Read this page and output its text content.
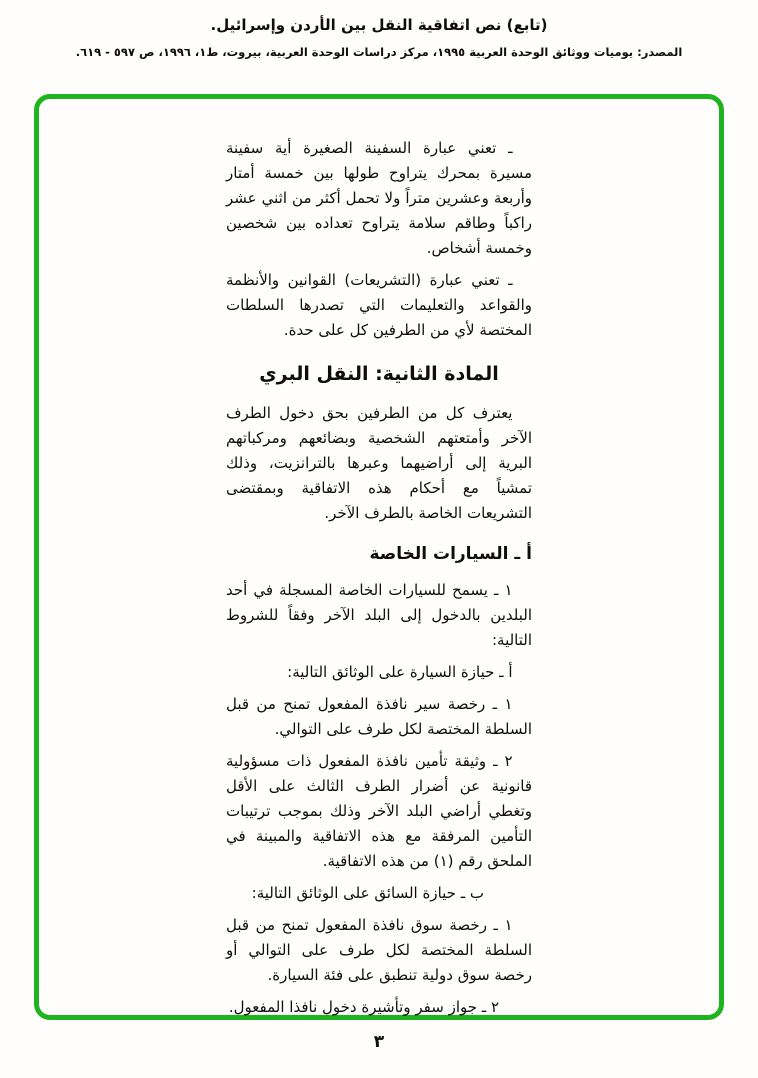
(تابع) نص اتفاقية النقل بين الأردن وإسرائيل.
المصدر: يوميات ووثائق الوحدة العربية ١٩٩٥، مركز دراسات الوحدة العربية، بيروت، ط١، ١٩٩٦، ص ٥٩٧ - ٦١٩.

ـ تعني عبارة السفينة الصغيرة أية سفينة مسيرة بمحرك يتراوح طولها بين خمسة أمتار وأربعة وعشرين متراً ولا تحمل أكثر من اثني عشر راكباً وطاقم سلامة يتراوح تعداده بين شخصين وخمسة أشخاص.

ـ تعني عبارة (التشريعات) القوانين والأنظمة والقواعد والتعليمات التي تصدرها السلطات المختصة لأي من الطرفين كل على حدة.

المادة الثانية: النقل البري

يعترف كل من الطرفين بحق دخول الطرف الآخر وأمتعتهم الشخصية وبضائعهم ومركباتهم البرية إلى أراضيهما وعبرها بالترانزيت، وذلك تمشياً مع أحكام هذه الاتفاقية وبمقتضى التشريعات الخاصة بالطرف الآخر.

أ ـ السيارات الخاصة

١ ـ يسمح للسيارات الخاصة المسجلة في أحد البلدين بالدخول إلى البلد الآخر وفقاً للشروط التالية:

أ ـ حيازة السيارة على الوثائق التالية:

١ ـ رخصة سير نافذة المفعول تمنح من قبل السلطة المختصة لكل طرف على التوالي.

٢ ـ وثيقة تأمين نافذة المفعول ذات مسؤولية قانونية عن أضرار الطرف الثالث على الأقل وتغطي أراضي البلد الآخر وذلك بموجب ترتيبات التأمين المرفقة مع هذه الاتفاقية والمبينة في الملحق رقم (١) من هذه الاتفاقية.

ب ـ حيازة السائق على الوثائق التالية:

١ ـ رخصة سوق نافذة المفعول تمنح من قبل السلطة المختصة لكل طرف على التوالي أو رخصة سوق دولية تنطبق على فئة السيارة.

٢ ـ جواز سفر وتأشيرة دخول نافذا المفعول.

٣
